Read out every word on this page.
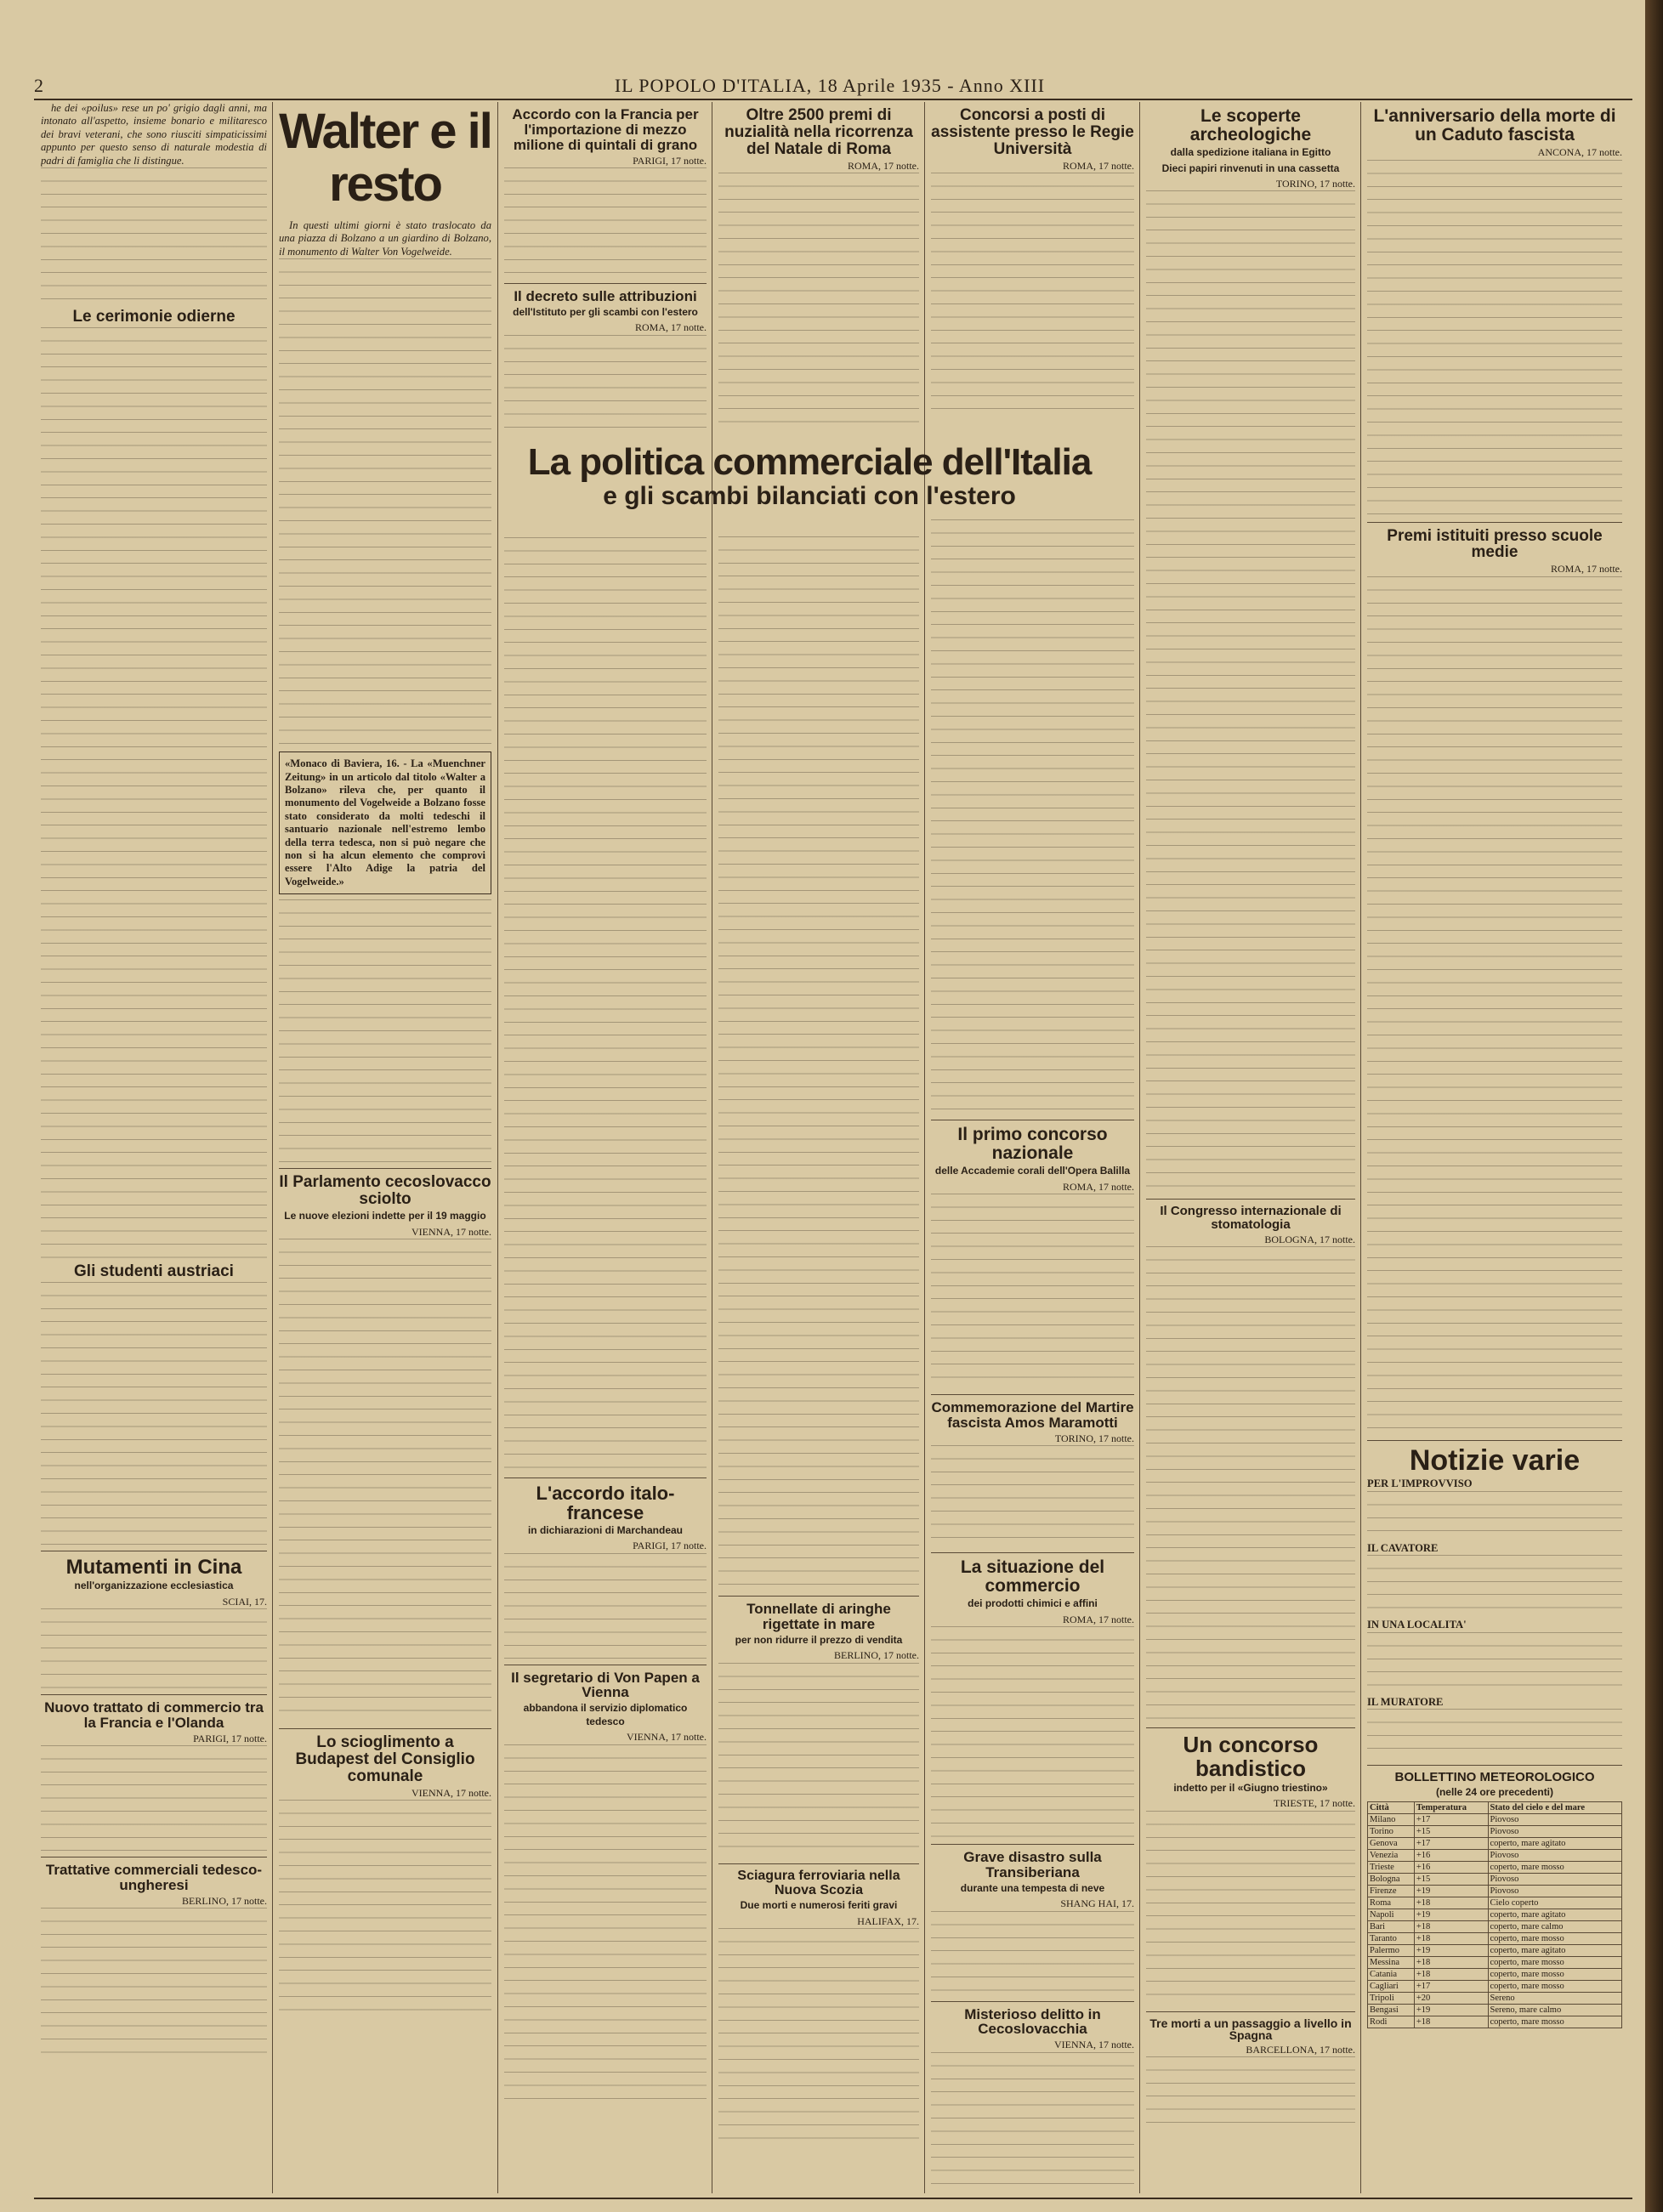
2	IL POPOLO D'ITALIA, 18 Aprile 1935 - Anno XIII

he dei «poilus» rese un po' grigio dagli anni, ma intonato all'aspetto, insieme bonario e militaresco dei bravi veterani, che sono riusciti simpaticissimi appunto per questo senso di naturale modestia di padri di famiglia che li distingue.

Le cerimonie odierne
Gli studenti austriaci
Mutamenti in Cina
nell'organizzazione ecclesiastica

SCIAI, 17.

Nuovo trattato di commercio tra la Francia e l'Olanda

PARIGI, 17 notte.

Trattative commerciali tedesco-ungheresi

BERLINO, 17 notte.

Walter e il resto

In questi ultimi giorni è stato traslocato da una piazza di Bolzano a un giardino di Bolzano, il monumento di Walter Von Vogelweide.

«Monaco di Baviera, 16. - La «Muenchner Zeitung» in un articolo dal titolo «Walter a Bolzano» rileva che, per quanto il monumento del Vogelweide a Bolzano fosse stato considerato da molti tedeschi il santuario nazionale nell'estremo lembo della terra tedesca, non si può negare che non si ha alcun elemento che comprovi essere l'Alto Adige la patria del Vogelweide.»
Il Parlamento cecoslovacco sciolto
Le nuove elezioni indette per il 19 maggio

VIENNA, 17 notte.

Lo scioglimento a Budapest del Consiglio comunale

VIENNA, 17 notte.

Accordo con la Francia per l'importazione di mezzo milione di quintali di grano

PARIGI, 17 notte.

Il decreto sulle attribuzioni
dell'Istituto per gli scambi con l'estero

ROMA, 17 notte.

L'accordo italo-francese
in dichiarazioni di Marchandeau

PARIGI, 17 notte.

Il segretario di Von Papen a Vienna
abbandona il servizio diplomatico tedesco

VIENNA, 17 notte.

Oltre 2500 premi di nuzialità nella ricorrenza del Natale di Roma

ROMA, 17 notte.

Tonnellate di aringhe rigettate in mare
per non ridurre il prezzo di vendita

BERLINO, 17 notte.

Sciagura ferroviaria nella Nuova Scozia
Due morti e numerosi feriti gravi

HALIFAX, 17.

La politica commerciale dell'Italia
e gli scambi bilanciati con l'estero
Concorsi a posti di assistente presso le Regie Università

ROMA, 17 notte.

Il primo concorso nazionale
delle Accademie corali dell'Opera Balilla

ROMA, 17 notte.

Commemorazione del Martire fascista Amos Maramotti

TORINO, 17 notte.

La situazione del commercio
dei prodotti chimici e affini

ROMA, 17 notte.

Grave disastro sulla Transiberiana
durante una tempesta di neve

SHANG HAI, 17.

Misterioso delitto in Cecoslovacchia

VIENNA, 17 notte.

Le scoperte archeologiche
dalla spedizione italiana in Egitto
Dieci papiri rinvenuti in una cassetta

TORINO, 17 notte.

Il Congresso internazionale di stomatologia

BOLOGNA, 17 notte.

Un concorso bandistico
indetto per il «Giugno triestino»

TRIESTE, 17 notte.

Tre morti a un passaggio a livello in Spagna

BARCELLONA, 17 notte.

L'anniversario della morte di un Caduto fascista

ANCONA, 17 notte.

Premi istituiti presso scuole medie

ROMA, 17 notte.

Notizie varie

PER L'IMPROVVISO

IL CAVATORE

IN UNA LOCALITA'

IL MURATORE

BOLLETTINO METEOROLOGICO
(nelle 24 ore precedenti)
Città	Temperatura	Stato del cielo e del mare
Milano	+17	Piovoso
Torino	+15	Piovoso
Genova	+17	coperto, mare agitato
Venezia	+16	Piovoso
Trieste	+16	coperto, mare mosso
Bologna	+15	Piovoso
Firenze	+19	Piovoso
Roma	+18	Cielo coperto
Napoli	+19	coperto, mare agitato
Bari	+18	coperto, mare calmo
Taranto	+18	coperto, mare mosso
Palermo	+19	coperto, mare agitato
Messina	+18	coperto, mare mosso
Catania	+18	coperto, mare mosso
Cagliari	+17	coperto, mare mosso
Tripoli	+20	Sereno
Bengasi	+19	Sereno, mare calmo
Rodi	+18	coperto, mare mosso
